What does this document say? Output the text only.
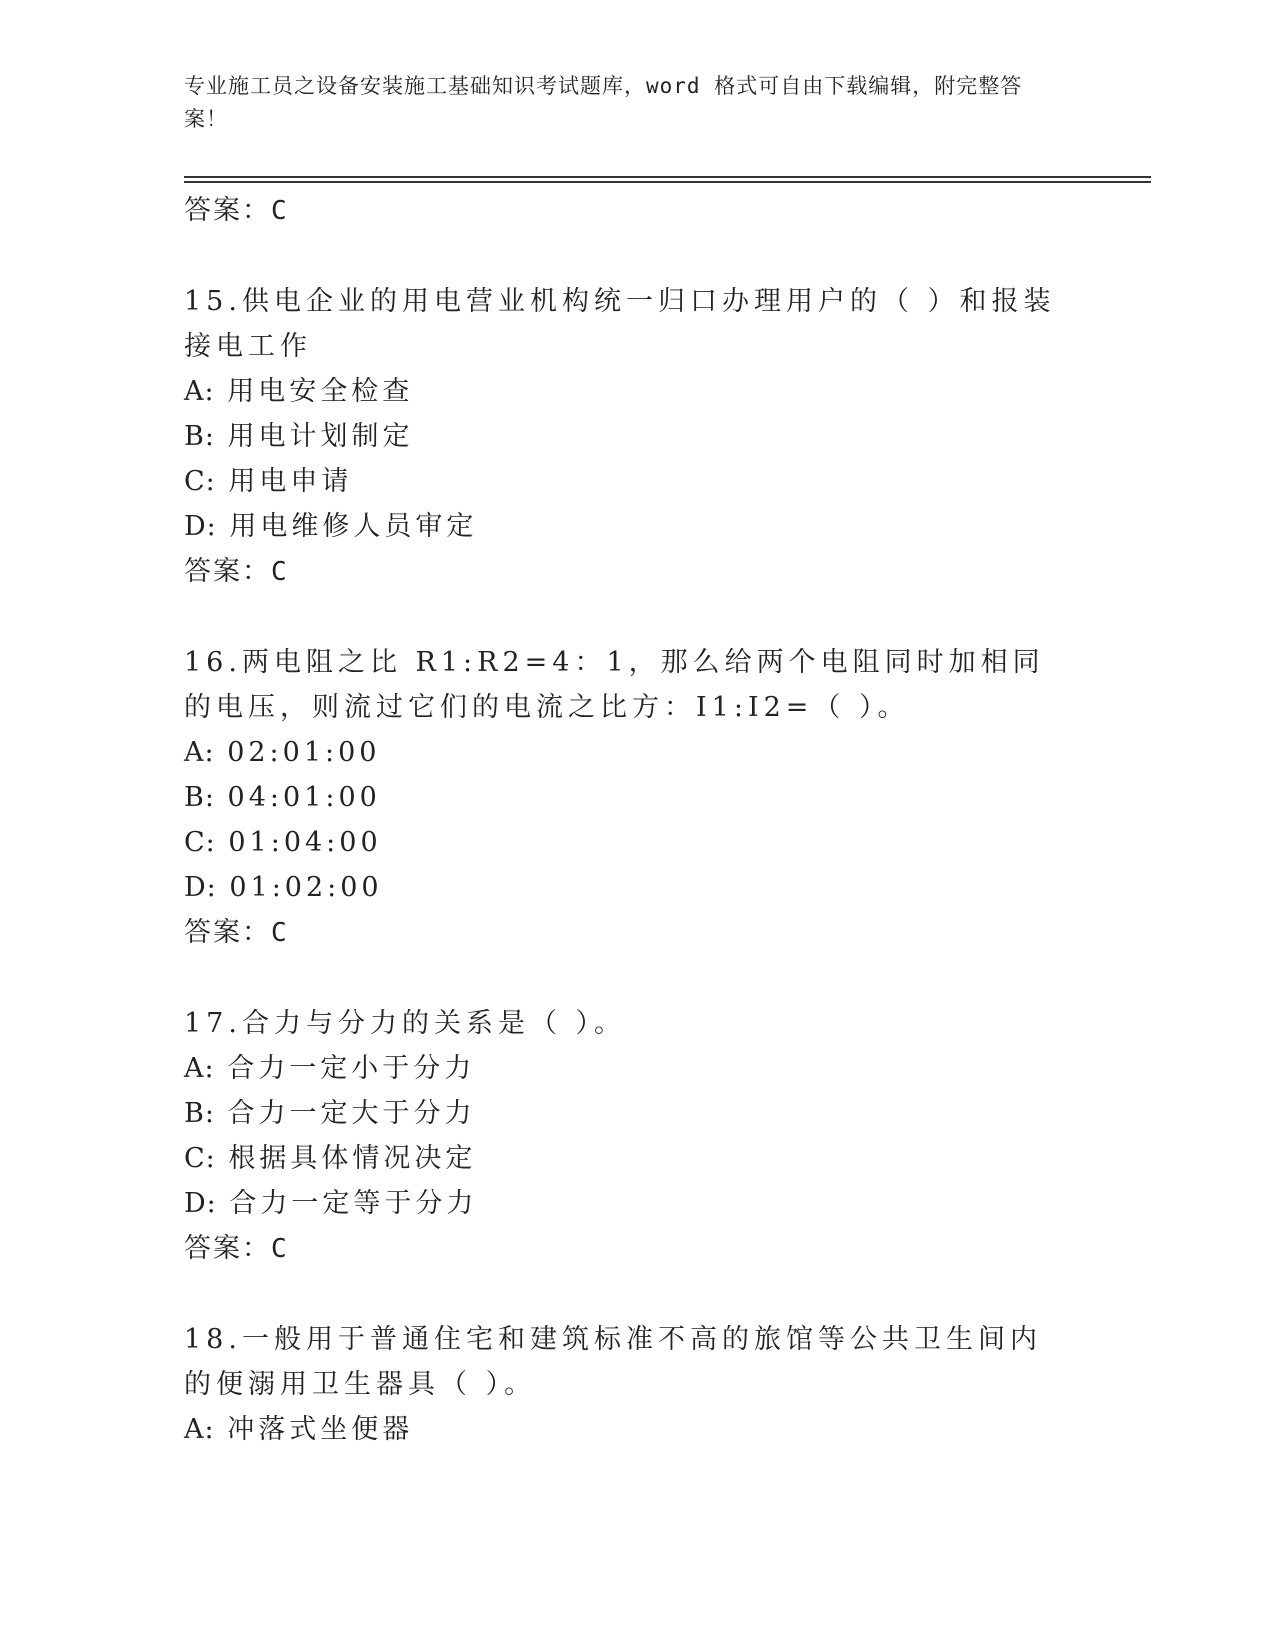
专业施工员之设备安装施工基础知识考试题库，word 格式可自由下载编辑，附完整答案！
答案：C
15.供电企业的用电营业机构统一归口办理用户的（ ）和报装接电工作
A: 用电安全检查
B: 用电计划制定
C: 用电申请
D: 用电维修人员审定
答案：C
16.两电阻之比 R1:R2=4：1，那么给两个电阻同时加相同的电压，则流过它们的电流之比方：I1:I2=（ ）。
A: 02:01:00
B: 04:01:00
C: 01:04:00
D: 01:02:00
答案：C
17.合力与分力的关系是（ ）。
A: 合力一定小于分力
B: 合力一定大于分力
C: 根据具体情况决定
D: 合力一定等于分力
答案：C
18.一般用于普通住宅和建筑标准不高的旅馆等公共卫生间内的便溺用卫生器具（ ）。
A: 冲落式坐便器
